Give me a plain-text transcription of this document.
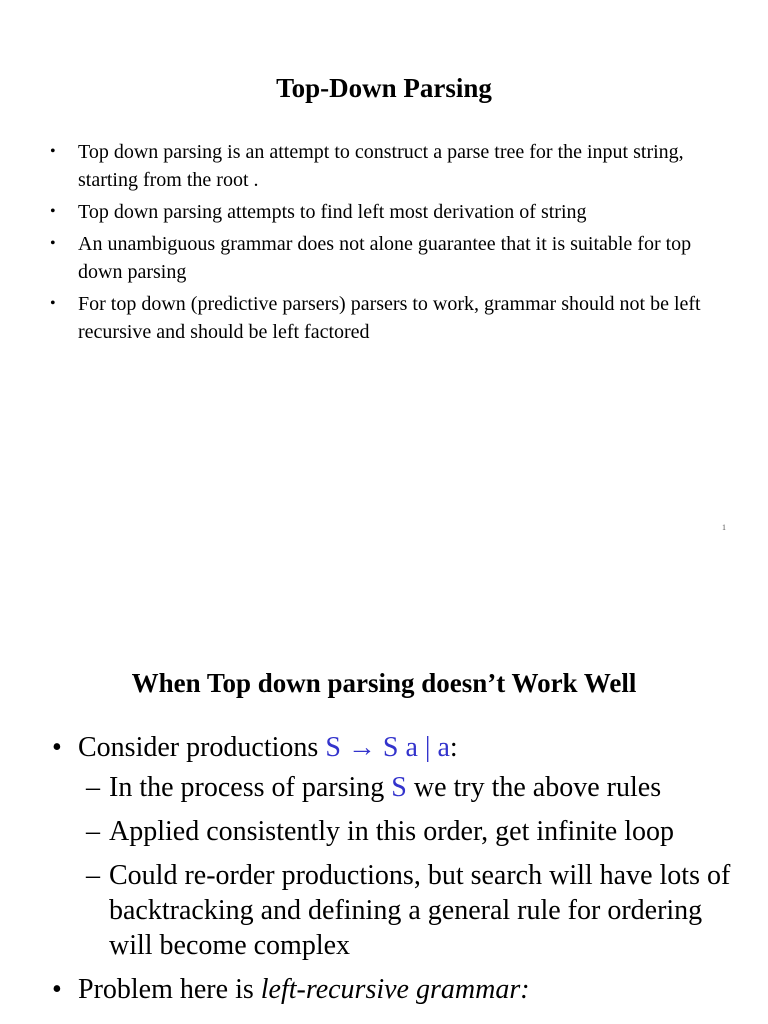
Top-Down Parsing
• Top down parsing is an attempt to construct a parse tree for the input string, starting from the root .
• Top down parsing attempts to find left most derivation of string
• An unambiguous grammar does not alone guarantee that it is suitable for top down parsing
• For top down (predictive parsers) parsers to work, grammar should not be left recursive and should be left factored
1
When Top down parsing doesn’t Work Well
• Consider productions S → S a | a:
– In the process of parsing S we try the above rules
– Applied consistently in this order, get infinite loop
– Could re-order productions, but search will have lots of backtracking and defining a general rule for ordering will become complex
• Problem here is left-recursive grammar:
